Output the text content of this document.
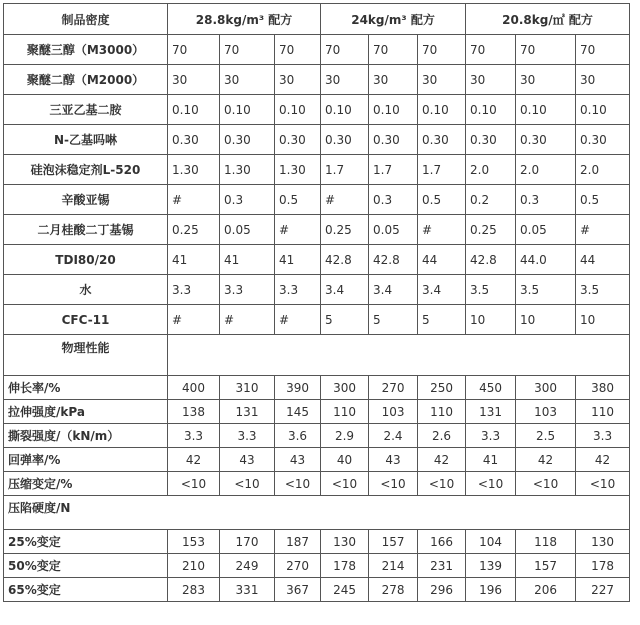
制品密度	28.8kg/m³ 配方			24kg/m³ 配方			20.8kg/㎥ 配方		
聚醚三醇（M3000）	70	70	70	70	70	70	70	70	70
聚醚二醇（M2000）	30	30	30	30	30	30	30	30	30
三亚乙基二胺	0.10	0.10	0.10	0.10	0.10	0.10	0.10	0.10	0.10
N-乙基吗啉	0.30	0.30	0.30	0.30	0.30	0.30	0.30	0.30	0.30
硅泡沫稳定剂L-520	1.30	1.30	1.30	1.7	1.7	1.7	2.0	2.0	2.0
辛酸亚锡	#	0.3	0.5	#	0.3	0.5	0.2	0.3	0.5
二月桂酸二丁基锡	0.25	0.05	#	0.25	0.05	#	0.25	0.05	#
TDI80/20	41	41	41	42.8	42.8	44	42.8	44.0	44
水	3.3	3.3	3.3	3.4	3.4	3.4	3.5	3.5	3.5
CFC-11	#	#	#	5	5	5	10	10	10
物理性能									
伸长率/%	400	310	390	300	270	250	450	300	380
拉伸强度/kPa	138	131	145	110	103	110	131	103	110
撕裂强度/（kN/m）	3.3	3.3	3.6	2.9	2.4	2.6	3.3	2.5	3.3
回弹率/%	42	43	43	40	43	42	41	42	42
压缩变定/%	<10	<10	<10	<10	<10	<10	<10	<10	<10
压陷硬度/N									
25%变定	153	170	187	130	157	166	104	118	130
50%变定	210	249	270	178	214	231	139	157	178
65%变定	283	331	367	245	278	296	196	206	227
